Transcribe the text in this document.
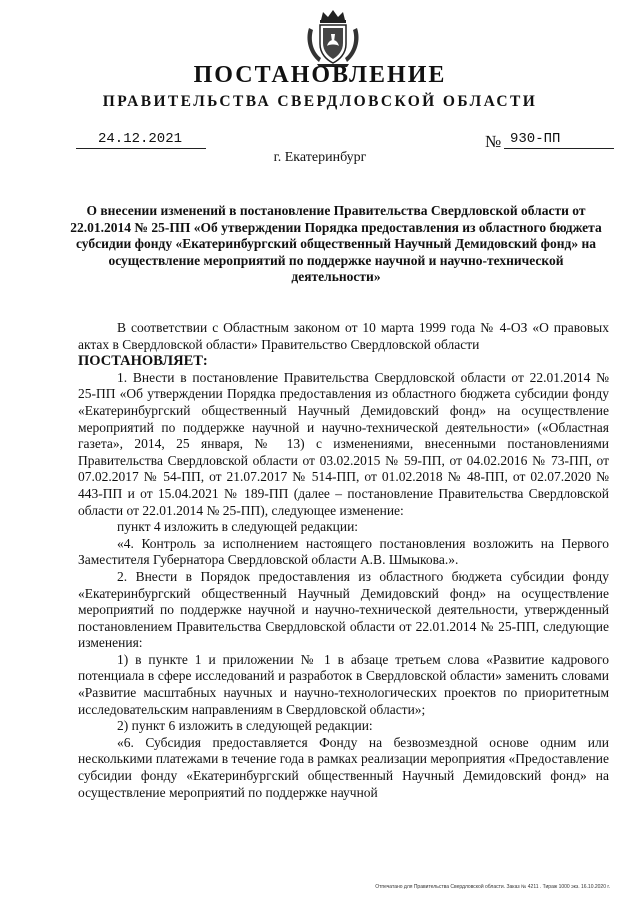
ПОСТАНОВЛЕНИЕ
ПРАВИТЕЛЬСТВА СВЕРДЛОВСКОЙ ОБЛАСТИ
24.12.2021	№ 930-ПП
г. Екатеринбург

О внесении изменений в постановление Правительства Свердловской области от 22.01.2014 № 25-ПП «Об утверждении Порядка предоставления из областного бюджета субсидии фонду «Екатеринбургский общественный Научный Демидовский фонд» на осуществление мероприятий по поддержке научной и научно-технической деятельности»

В соответствии с Областным законом от 10 марта 1999 года № 4-ОЗ «О правовых актах в Свердловской области» Правительство Свердловской области

ПОСТАНОВЛЯЕТ:

1. Внести в постановление Правительства Свердловской области от 22.01.2014 № 25-ПП «Об утверждении Порядка предоставления из областного бюджета субсидии фонду «Екатеринбургский общественный Научный Демидовский фонд» на осуществление мероприятий по поддержке научной и научно-технической деятельности» («Областная газета», 2014, 25 января, № 13) с изменениями, внесенными постановлениями Правительства Свердловской области от 03.02.2015 № 59-ПП, от 04.02.2016 № 73-ПП, от 07.02.2017 № 54-ПП, от 21.07.2017 № 514-ПП, от 01.02.2018 № 48-ПП, от 02.07.2020 № 443-ПП и от 15.04.2021 № 189-ПП (далее – постановление Правительства Свердловской области от 22.01.2014 № 25-ПП), следующее изменение:

пункт 4 изложить в следующей редакции:

«4. Контроль за исполнением настоящего постановления возложить на Первого Заместителя Губернатора Свердловской области А.В. Шмыкова.».

2. Внести в Порядок предоставления из областного бюджета субсидии фонду «Екатеринбургский общественный Научный Демидовский фонд» на осуществление мероприятий по поддержке научной и научно-технической деятельности, утвержденный постановлением Правительства Свердловской области от 22.01.2014 № 25-ПП, следующие изменения:

1) в пункте 1 и приложении № 1 в абзаце третьем слова «Развитие кадрового потенциала в сфере исследований и разработок в Свердловской области» заменить словами «Развитие масштабных научных и научно-технологических проектов по приоритетным исследовательским направлениям в Свердловской области»;

2) пункт 6 изложить в следующей редакции:

«6. Субсидия предоставляется Фонду на безвозмездной основе одним или несколькими платежами в течение года в рамках реализации мероприятия «Предоставление субсидии фонду «Екатеринбургский общественный Научный Демидовский фонд» на осуществление мероприятий по поддержке научной

Отпечатано для Правительства Свердловской области. Заказ № 4211 . Тираж 1000 экз. 16.10.2020 г.
